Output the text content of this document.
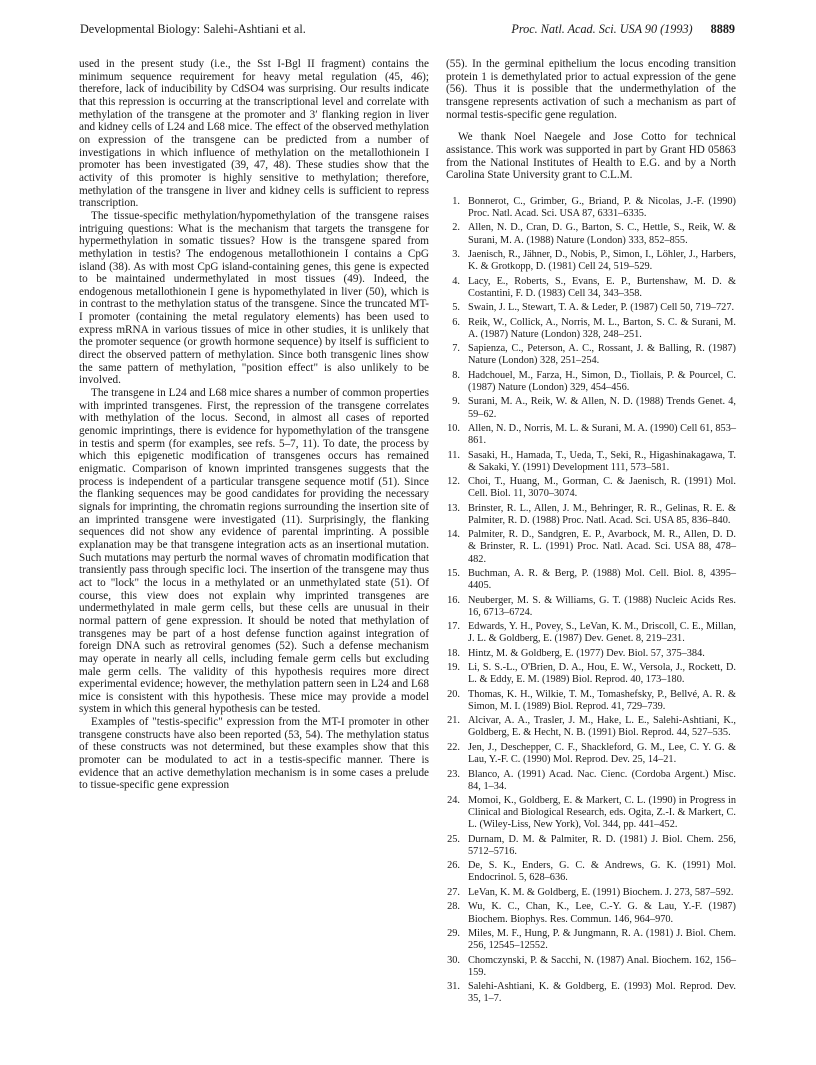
Developmental Biology: Salehi-Ashtiani et al.	Proc. Natl. Acad. Sci. USA 90 (1993) 8889

used in the present study (i.e., the Sst I-Bgl II fragment) contains the minimum sequence requirement for heavy metal regulation (45, 46); therefore, lack of inducibility by CdSO4 was surprising. Our results indicate that this repression is occurring at the transcriptional level and correlate with methylation of the transgene at the promoter and 3′ flanking region in liver and kidney cells of L24 and L68 mice. The effect of the observed methylation on expression of the transgene can be predicted from a number of investigations in which influence of methylation on the metallothionein I promoter has been investigated (39, 47, 48). These studies show that the activity of this promoter is highly sensitive to methylation; therefore, methylation of the transgene in liver and kidney cells is sufficient to repress transcription.

The tissue-specific methylation/hypomethylation of the transgene raises intriguing questions: What is the mechanism that targets the transgene for hypermethylation in somatic tissues? How is the transgene spared from methylation in testis? The endogenous metallothionein I contains a CpG island (38). As with most CpG island-containing genes, this gene is expected to be maintained undermethylated in most tissues (49). Indeed, the endogenous metallothionein I gene is hypomethylated in liver (50), which is in contrast to the methylation status of the transgene. Since the truncated MT-I promoter (containing the metal regulatory elements) has been used to express mRNA in various tissues of mice in other studies, it is unlikely that the promoter sequence (or growth hormone sequence) by itself is sufficient to direct the observed pattern of methylation. Since both transgenic lines show the same pattern of methylation, "position effect" is also unlikely to be involved.

The transgene in L24 and L68 mice shares a number of common properties with imprinted transgenes. First, the repression of the transgene correlates with methylation of the locus. Second, in almost all cases of reported genomic imprintings, there is evidence for hypomethylation of the transgene in testis and sperm (for examples, see refs. 5–7, 11). To date, the process by which this epigenetic modification of transgenes occurs has remained enigmatic. Comparison of known imprinted transgenes suggests that the process is independent of a particular transgene sequence motif (51). Since the flanking sequences may be good candidates for providing the necessary signals for imprinting, the chromatin regions surrounding the insertion site of an imprinted transgene were investigated (11). Surprisingly, the flanking sequences did not show any evidence of parental imprinting. A possible explanation may be that transgene integration acts as an insertional mutation. Such mutations may perturb the normal waves of chromatin modification that transiently pass through specific loci. The insertion of the transgene may thus act to "lock" the locus in a methylated or an unmethylated state (51). Of course, this view does not explain why imprinted transgenes are undermethylated in male germ cells, but these cells are unusual in their normal pattern of gene expression. It should be noted that methylation of transgenes may be part of a host defense function against integration of foreign DNA such as retroviral genomes (52). Such a defense mechanism may operate in nearly all cells, including female germ cells but excluding male germ cells. The validity of this hypothesis requires more direct experimental evidence; however, the methylation pattern seen in L24 and L68 mice is consistent with this hypothesis. These mice may provide a model system in which this general hypothesis can be tested.

Examples of "testis-specific" expression from the MT-I promoter in other transgene constructs have also been reported (53, 54). The methylation status of these constructs was not determined, but these examples show that this promoter can be modulated to act in a testis-specific manner. There is evidence that an active demethylation mechanism is in some cases a prelude to tissue-specific gene expression

(55). In the germinal epithelium the locus encoding transition protein 1 is demethylated prior to actual expression of the gene (56). Thus it is possible that the undermethylation of the transgene represents activation of such a mechanism as part of normal testis-specific gene regulation.

We thank Noel Naegele and Jose Cotto for technical assistance. This work was supported in part by Grant HD 05863 from the National Institutes of Health to E.G. and by a North Carolina State University grant to C.L.M.

1. Bonnerot, C., Grimber, G., Briand, P. & Nicolas, J.-F. (1990) Proc. Natl. Acad. Sci. USA 87, 6331–6335.
2. Allen, N. D., Cran, D. G., Barton, S. C., Hettle, S., Reik, W. & Surani, M. A. (1988) Nature (London) 333, 852–855.
3. Jaenisch, R., Jähner, D., Nobis, P., Simon, I., Löhler, J., Harbers, K. & Grotkopp, D. (1981) Cell 24, 519–529.
4. Lacy, E., Roberts, S., Evans, E. P., Burtenshaw, M. D. & Costantini, F. D. (1983) Cell 34, 343–358.
5. Swain, J. L., Stewart, T. A. & Leder, P. (1987) Cell 50, 719–727.
6. Reik, W., Collick, A., Norris, M. L., Barton, S. C. & Surani, M. A. (1987) Nature (London) 328, 248–251.
7. Sapienza, C., Peterson, A. C., Rossant, J. & Balling, R. (1987) Nature (London) 328, 251–254.
8. Hadchouel, M., Farza, H., Simon, D., Tiollais, P. & Pourcel, C. (1987) Nature (London) 329, 454–456.
9. Surani, M. A., Reik, W. & Allen, N. D. (1988) Trends Genet. 4, 59–62.
10. Allen, N. D., Norris, M. L. & Surani, M. A. (1990) Cell 61, 853–861.
11. Sasaki, H., Hamada, T., Ueda, T., Seki, R., Higashinakagawa, T. & Sakaki, Y. (1991) Development 111, 573–581.
12. Choi, T., Huang, M., Gorman, C. & Jaenisch, R. (1991) Mol. Cell. Biol. 11, 3070–3074.
13. Brinster, R. L., Allen, J. M., Behringer, R. R., Gelinas, R. E. & Palmiter, R. D. (1988) Proc. Natl. Acad. Sci. USA 85, 836–840.
14. Palmiter, R. D., Sandgren, E. P., Avarbock, M. R., Allen, D. D. & Brinster, R. L. (1991) Proc. Natl. Acad. Sci. USA 88, 478–482.
15. Buchman, A. R. & Berg, P. (1988) Mol. Cell. Biol. 8, 4395–4405.
16. Neuberger, M. S. & Williams, G. T. (1988) Nucleic Acids Res. 16, 6713–6724.
17. Edwards, Y. H., Povey, S., LeVan, K. M., Driscoll, C. E., Millan, J. L. & Goldberg, E. (1987) Dev. Genet. 8, 219–231.
18. Hintz, M. & Goldberg, E. (1977) Dev. Biol. 57, 375–384.
19. Li, S. S.-L., O'Brien, D. A., Hou, E. W., Versola, J., Rockett, D. L. & Eddy, E. M. (1989) Biol. Reprod. 40, 173–180.
20. Thomas, K. H., Wilkie, T. M., Tomashefsky, P., Bellvé, A. R. & Simon, M. I. (1989) Biol. Reprod. 41, 729–739.
21. Alcivar, A. A., Trasler, J. M., Hake, L. E., Salehi-Ashtiani, K., Goldberg, E. & Hecht, N. B. (1991) Biol. Reprod. 44, 527–535.
22. Jen, J., Deschepper, C. F., Shackleford, G. M., Lee, C. Y. G. & Lau, Y.-F. C. (1990) Mol. Reprod. Dev. 25, 14–21.
23. Blanco, A. (1991) Acad. Nac. Cienc. (Cordoba Argent.) Misc. 84, 1–34.
24. Momoi, K., Goldberg, E. & Markert, C. L. (1990) in Progress in Clinical and Biological Research, eds. Ogita, Z.-I. & Markert, C. L. (Wiley-Liss, New York), Vol. 344, pp. 441–452.
25. Durnam, D. M. & Palmiter, R. D. (1981) J. Biol. Chem. 256, 5712–5716.
26. De, S. K., Enders, G. C. & Andrews, G. K. (1991) Mol. Endocrinol. 5, 628–636.
27. LeVan, K. M. & Goldberg, E. (1991) Biochem. J. 273, 587–592.
28. Wu, K. C., Chan, K., Lee, C.-Y. G. & Lau, Y.-F. (1987) Biochem. Biophys. Res. Commun. 146, 964–970.
29. Miles, M. F., Hung, P. & Jungmann, R. A. (1981) J. Biol. Chem. 256, 12545–12552.
30. Chomczynski, P. & Sacchi, N. (1987) Anal. Biochem. 162, 156–159.
31. Salehi-Ashtiani, K. & Goldberg, E. (1993) Mol. Reprod. Dev. 35, 1–7.
